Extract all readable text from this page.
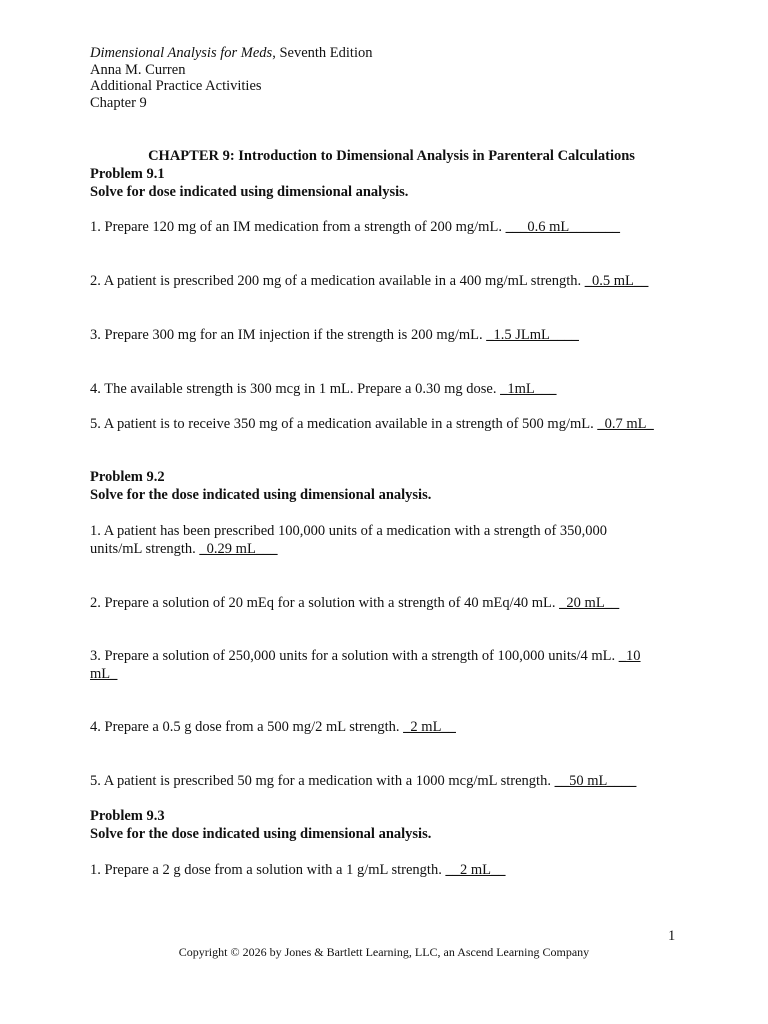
Dimensional Analysis for Meds, Seventh Edition
Anna M. Curren
Additional Practice Activities
Chapter 9
CHAPTER 9: Introduction to Dimensional Analysis in Parenteral Calculations
Problem 9.1
Solve for dose indicated using dimensional analysis.
1. Prepare 120 mg of an IM medication from a strength of 200 mg/mL. ___0.6 mL_______
2. A patient is prescribed 200 mg of a medication available in a 400 mg/mL strength. _0.5 mL__
3. Prepare 300 mg for an IM injection if the strength is 200 mg/mL. _1.5 JLmL____
4. The available strength is 300 mcg in 1 mL. Prepare a 0.30 mg dose. _1mL___
5. A patient is to receive 350 mg of a medication available in a strength of 500 mg/mL. _0.7 mL_
Problem 9.2
Solve for the dose indicated using dimensional analysis.
1. A patient has been prescribed 100,000 units of a medication with a strength of 350,000
units/mL strength. _0.29 mL___
2. Prepare a solution of 20 mEq for a solution with a strength of 40 mEq/40 mL. _20 mL__
3. Prepare a solution of 250,000 units for a solution with a strength of 100,000 units/4 mL. _10
mL_
4. Prepare a 0.5 g dose from a 500 mg/2 mL strength. _2 mL__
5. A patient is prescribed 50 mg for a medication with a 1000 mcg/mL strength. __50 mL____
Problem 9.3
Solve for the dose indicated using dimensional analysis.
1. Prepare a 2 g dose from a solution with a 1 g/mL strength. __2 mL__
1
Copyright © 2026 by Jones & Bartlett Learning, LLC, an Ascend Learning Company
